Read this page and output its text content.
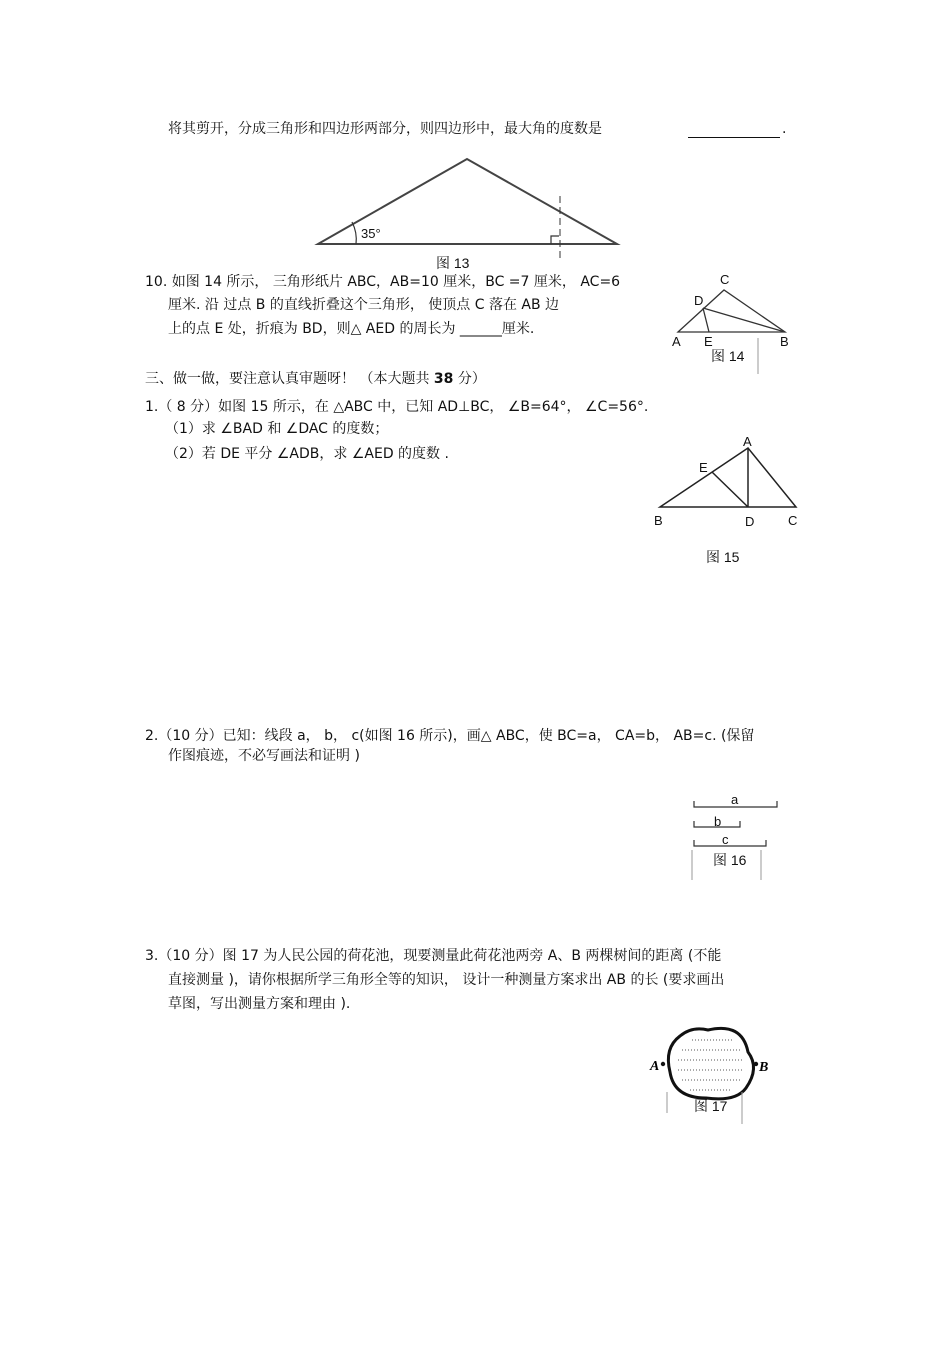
将其剪开，分成三角形和四边形两部分，则四边形中，最大角的度数是	.
35°
图 13
C
D
A E	B
图 14
A
E
B	D	C
图 15
a
b
c
图 16
A	B
图 17
10. 如图 14 所示， 三角形纸片 ABC，AB=10 厘米，BC =7 厘米， AC=6
厘米. 沿 过点 B 的直线折叠这个三角形， 使顶点 C 落在 AB 边
上的点 E 处，折痕为 BD，则△ AED 的周长为 ______厘米.
三、做一做，要注意认真审题呀！ （本大题共 38 分）
1.（ 8 分）如图 15 所示，在 △ABC 中，已知 AD⊥BC， ∠B=64°， ∠C=56°.
（1）求 ∠BAD 和 ∠DAC 的度数；
（2）若 DE 平分 ∠ADB，求 ∠AED 的度数 .
2.（10 分）已知：线段 a， b， c(如图 16 所示)，画△ ABC，使 BC=a， CA=b， AB=c. (保留
作图痕迹，不必写画法和证明 )
3.（10 分）图 17 为人民公园的荷花池，现要测量此荷花池两旁 A、B 两棵树间的距离 (不能
直接测量 )，请你根据所学三角形全等的知识， 设计一种测量方案求出 AB 的长 (要求画出
草图，写出测量方案和理由 ).
